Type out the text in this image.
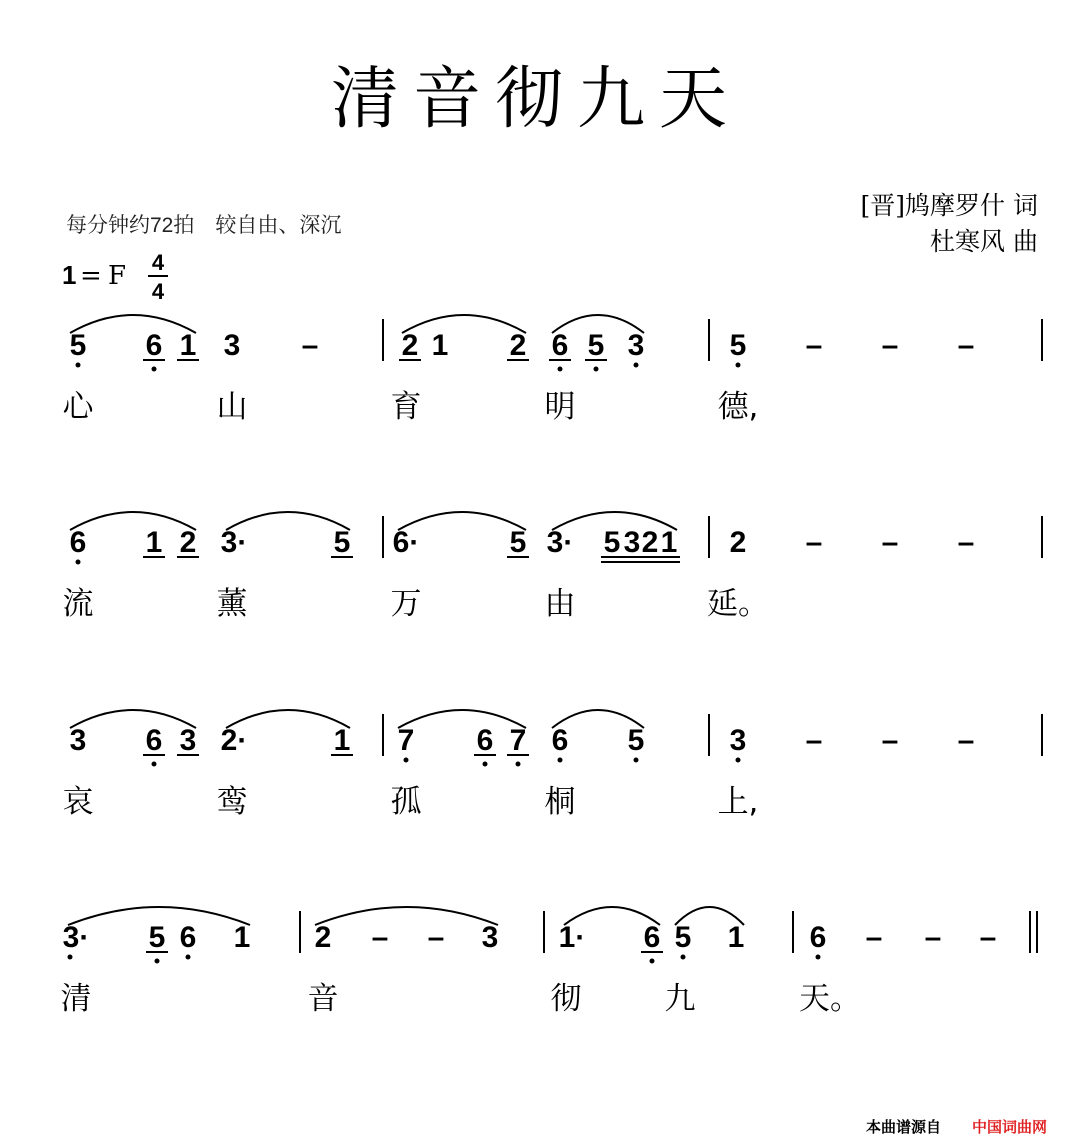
清音彻九天
每分钟约72拍　较自由、深沉
[晋]鸠摩罗什 词
杜寒风 曲
1 = F 4
4
5 6 1 3 –	2 1 2 6 5 3	5 – – –
心	山	育	明	德,
6 1 2 3·	5 6·	5 3· 5 3 2 1 2 – – –
流	薰	万	由	延。
3 6 3 2·	1 7 6 7 6 5	3 – – –
哀	鸾	孤	桐	上,
3· 5 6 1 2 – – 3 1· 6 5 1 6 – – –
清	音	彻	九	天。
本曲谱源自 中国词曲网
